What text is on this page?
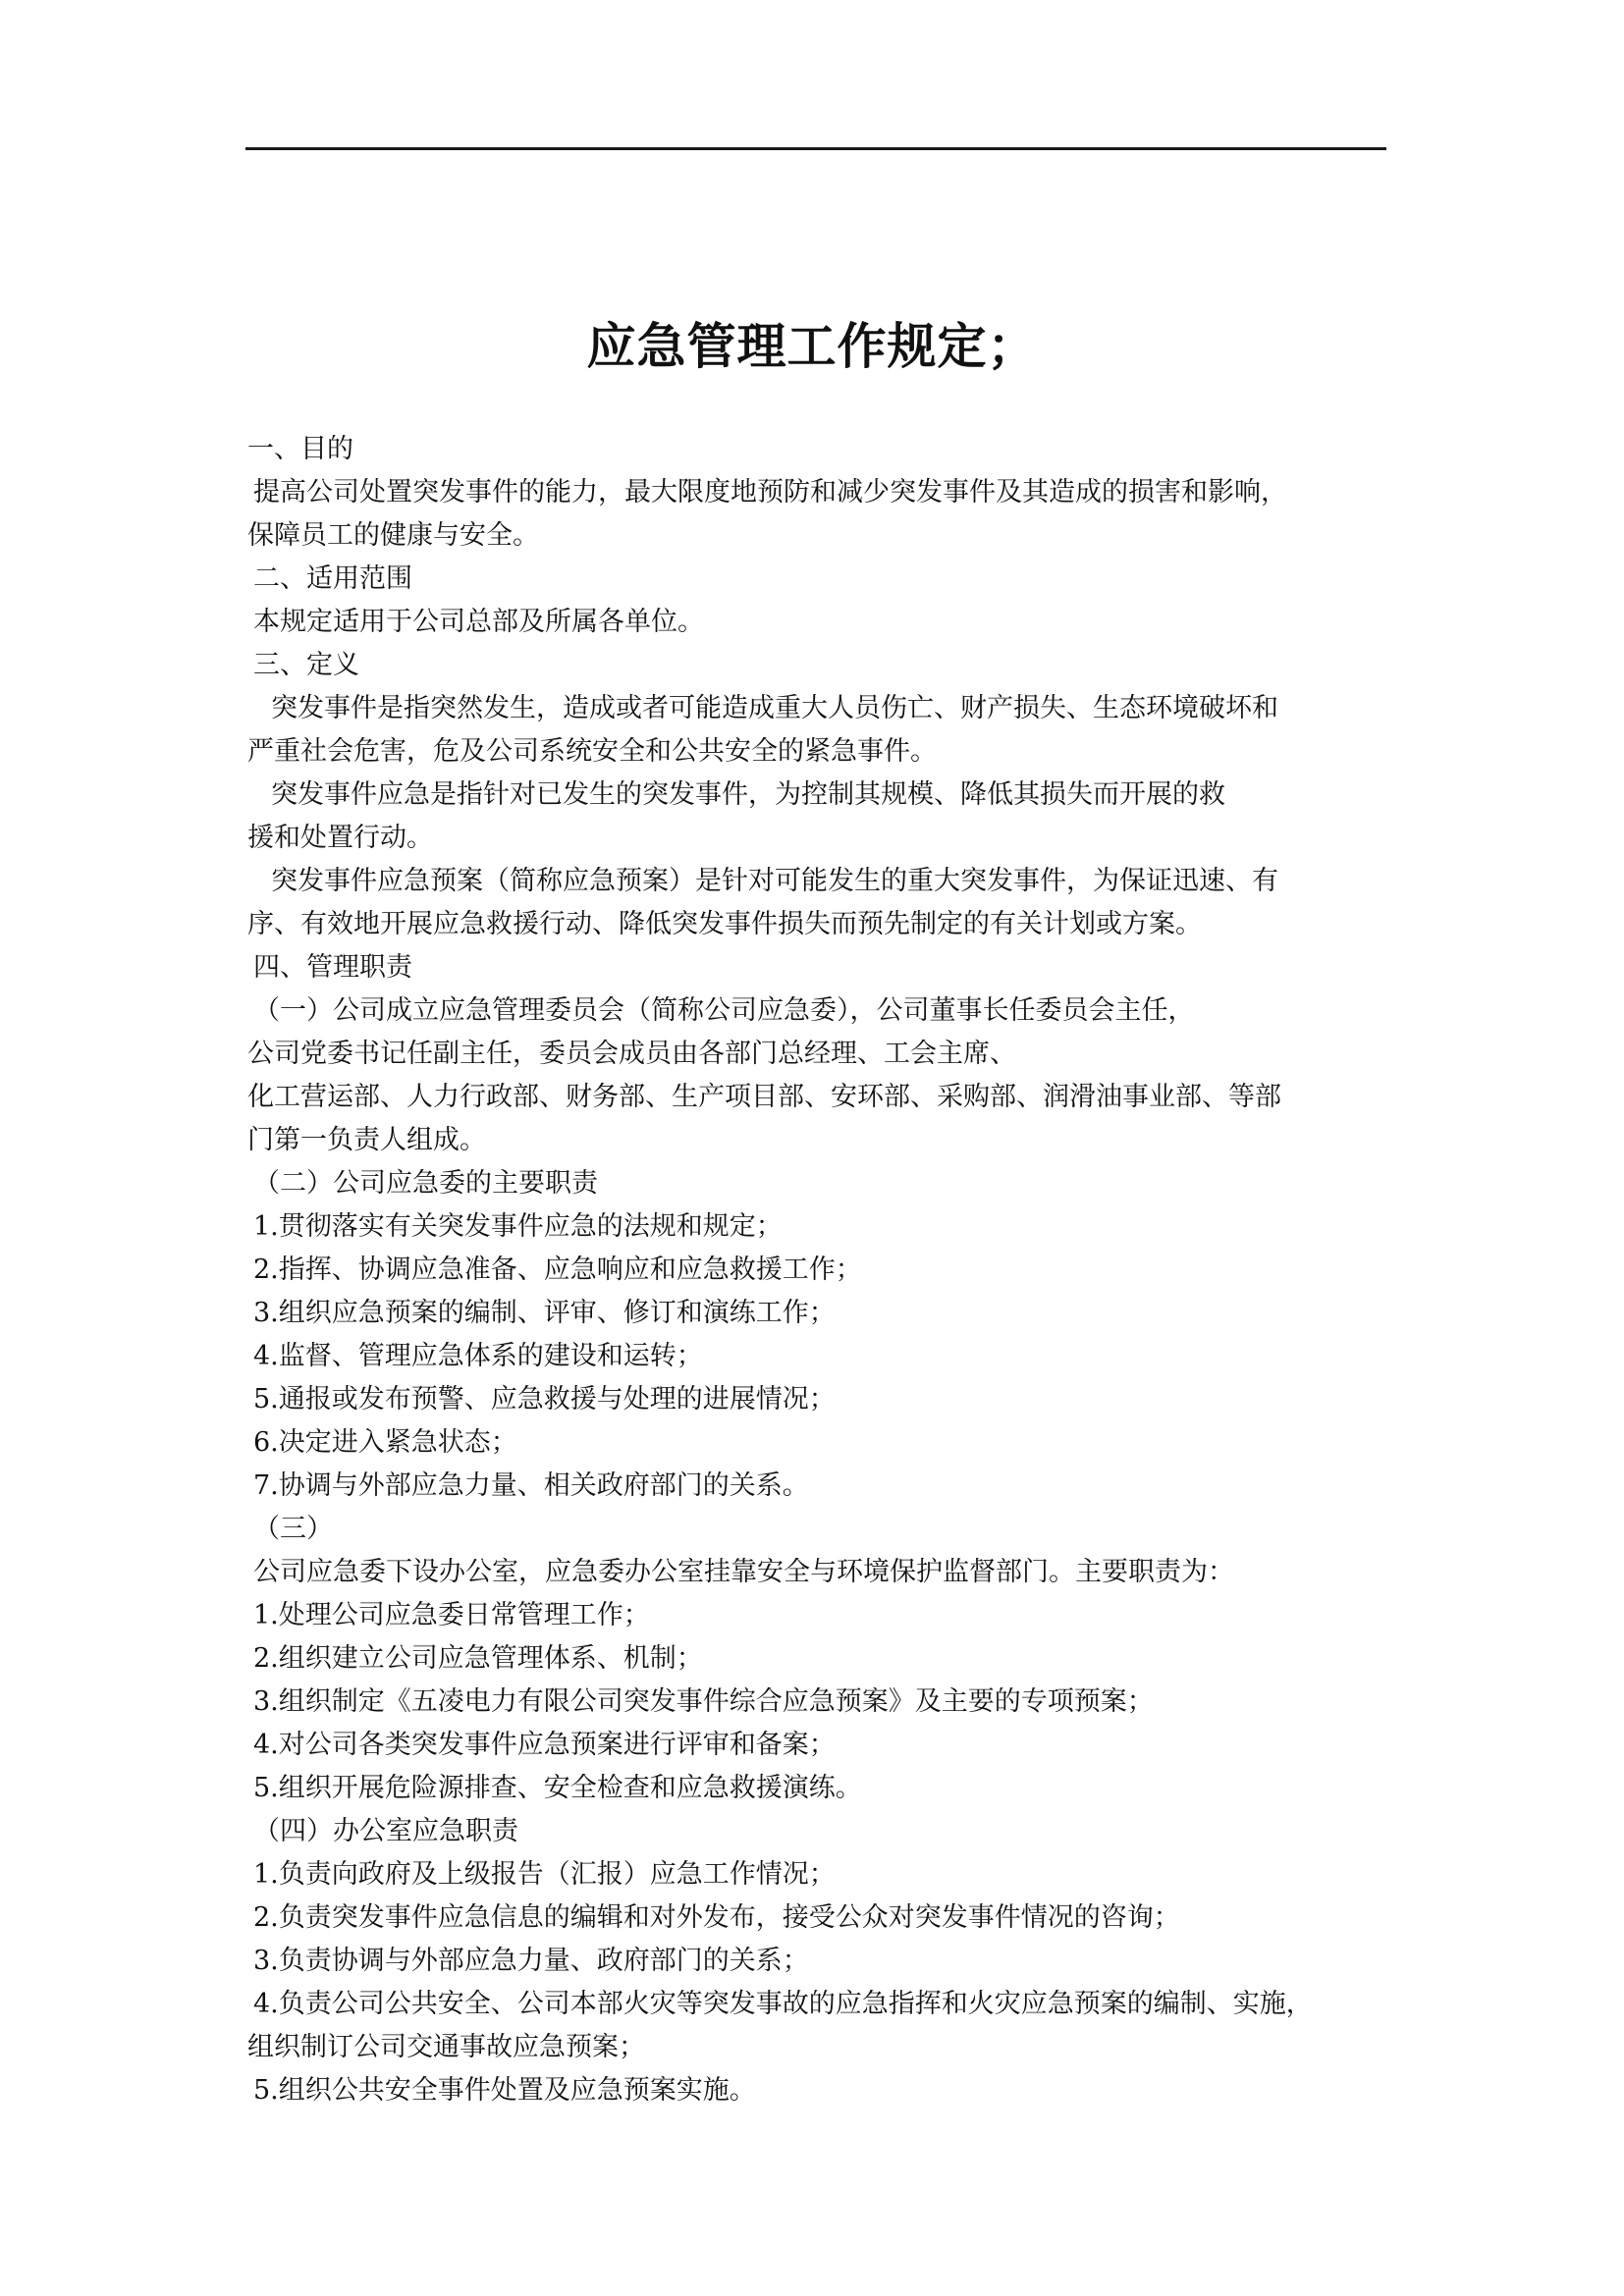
应急管理工作规定；
一、目的
提高公司处置突发事件的能力，最大限度地预防和减少突发事件及其造成的损害和影响，
保障员工的健康与安全。
二、适用范围
本规定适用于公司总部及所属各单位。
三、定义
突发事件是指突然发生，造成或者可能造成重大人员伤亡、财产损失、生态环境破坏和
严重社会危害，危及公司系统安全和公共安全的紧急事件。
突发事件应急是指针对已发生的突发事件，为控制其规模、降低其损失而开展的救
援和处置行动。
突发事件应急预案（简称应急预案）是针对可能发生的重大突发事件，为保证迅速、有
序、有效地开展应急救援行动、降低突发事件损失而预先制定的有关计划或方案。
四、管理职责
（一）公司成立应急管理委员会（简称公司应急委），公司董事长任委员会主任，
公司党委书记任副主任，委员会成员由各部门总经理、工会主席、
化工营运部、人力行政部、财务部、生产项目部、安环部、采购部、润滑油事业部、等部
门第一负责人组成。
（二）公司应急委的主要职责
1.贯彻落实有关突发事件应急的法规和规定；
2.指挥、协调应急准备、应急响应和应急救援工作；
3.组织应急预案的编制、评审、修订和演练工作；
4.监督、管理应急体系的建设和运转；
5.通报或发布预警、应急救援与处理的进展情况；
6.决定进入紧急状态；
7.协调与外部应急力量、相关政府部门的关系。
（三）
公司应急委下设办公室，应急委办公室挂靠安全与环境保护监督部门。主要职责为：
1.处理公司应急委日常管理工作；
2.组织建立公司应急管理体系、机制；
3.组织制定《五凌电力有限公司突发事件综合应急预案》及主要的专项预案；
4.对公司各类突发事件应急预案进行评审和备案；
5.组织开展危险源排查、安全检查和应急救援演练。
（四）办公室应急职责
1.负责向政府及上级报告（汇报）应急工作情况；
2.负责突发事件应急信息的编辑和对外发布，接受公众对突发事件情况的咨询；
3.负责协调与外部应急力量、政府部门的关系；
4.负责公司公共安全、公司本部火灾等突发事故的应急指挥和火灾应急预案的编制、实施，
组织制订公司交通事故应急预案；
5.组织公共安全事件处置及应急预案实施。
